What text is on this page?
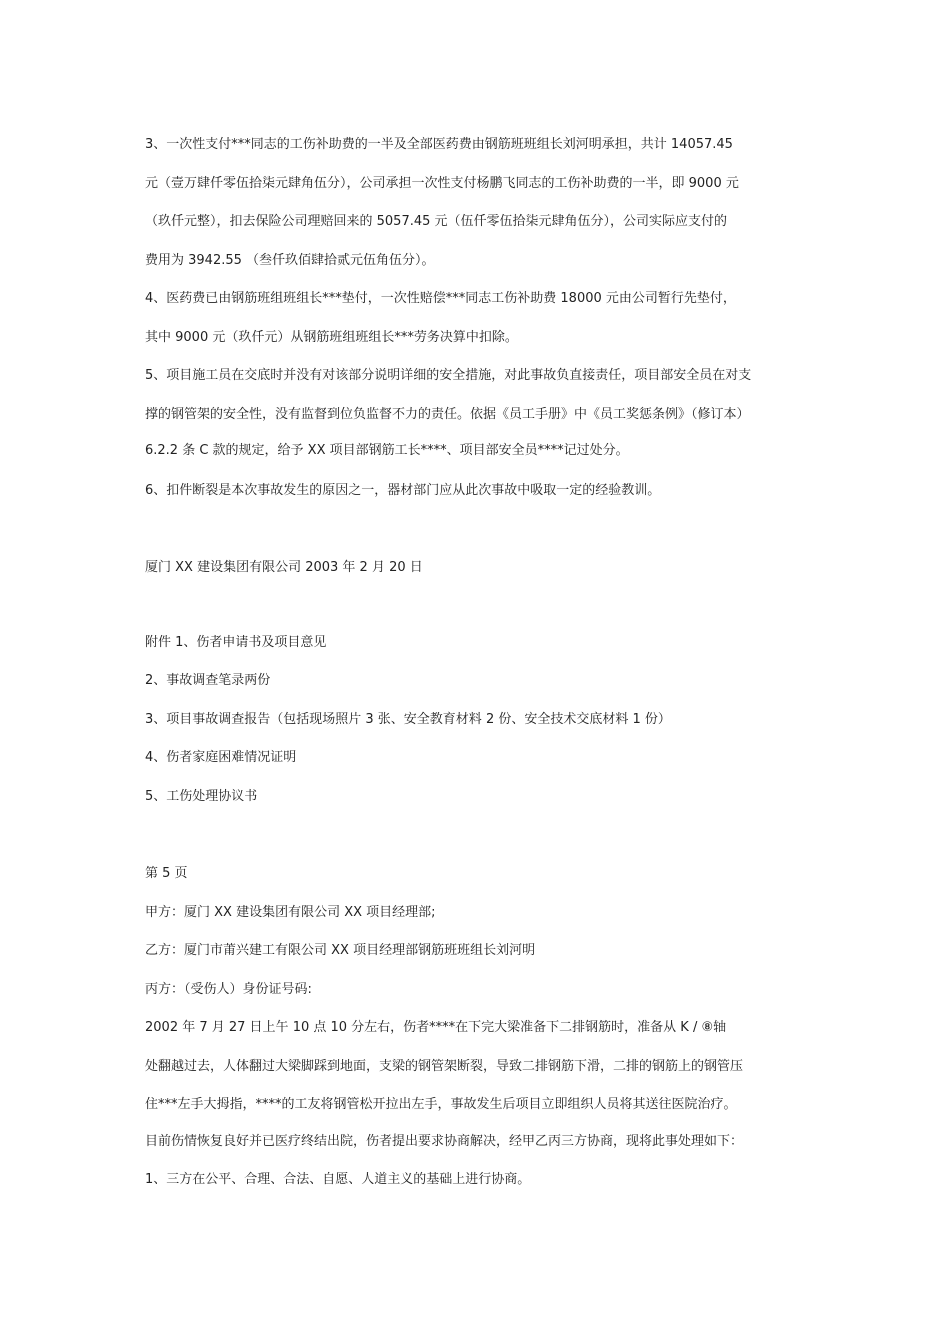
3、一次性支付***同志的工伤补助费的一半及全部医药费由钢筋班班组长刘河明承担，共计 14057.45
元（壹万肆仟零伍拾柒元肆角伍分），公司承担一次性支付杨鹏飞同志的工伤补助费的一半，即 9000 元
（玖仟元整），扣去保险公司理赔回来的 5057.45 元（伍仟零伍拾柒元肆角伍分），公司实际应支付的
费用为 3942.55 （叁仟玖佰肆拾贰元伍角伍分）。
4、医药费已由钢筋班组班组长***垫付，一次性赔偿***同志工伤补助费 18000 元由公司暂行先垫付，
其中 9000 元（玖仟元）从钢筋班组班组长***劳务决算中扣除。
5、项目施工员在交底时并没有对该部分说明详细的安全措施，对此事故负直接责任，项目部安全员在对支
撑的钢管架的安全性，没有监督到位负监督不力的责任。依据《员工手册》中《员工奖惩条例》（修订本）
6.2.2 条 C 款的规定，给予 XX 项目部钢筋工长****、项目部安全员****记过处分。
6、扣件断裂是本次事故发生的原因之一，器材部门应从此次事故中吸取一定的经验教训。
厦门 XX 建设集团有限公司 2003 年 2 月 20 日
附件 1、伤者申请书及项目意见
2、事故调查笔录两份
3、项目事故调查报告（包括现场照片 3 张、安全教育材料 2 份、安全技术交底材料 1 份）
4、伤者家庭困难情况证明
5、工伤处理协议书
第 5 页
甲方：厦门 XX 建设集团有限公司 XX 项目经理部;
乙方：厦门市莆兴建工有限公司 XX 项目经理部钢筋班班组长刘河明
丙方：（受伤人）身份证号码:
2002 年 7 月 27 日上午 10 点 10 分左右，伤者****在下完大梁准备下二排钢筋时，准备从 K / ⑧轴
处翻越过去，人体翻过大梁脚踩到地面，支梁的钢管架断裂，导致二排钢筋下滑，二排的钢筋上的钢管压
住***左手大拇指，****的工友将钢管松开拉出左手，事故发生后项目立即组织人员将其送往医院治疗。
目前伤情恢复良好并已医疗终结出院，伤者提出要求协商解决，经甲乙丙三方协商，现将此事处理如下：
1、三方在公平、合理、合法、自愿、人道主义的基础上进行协商。
